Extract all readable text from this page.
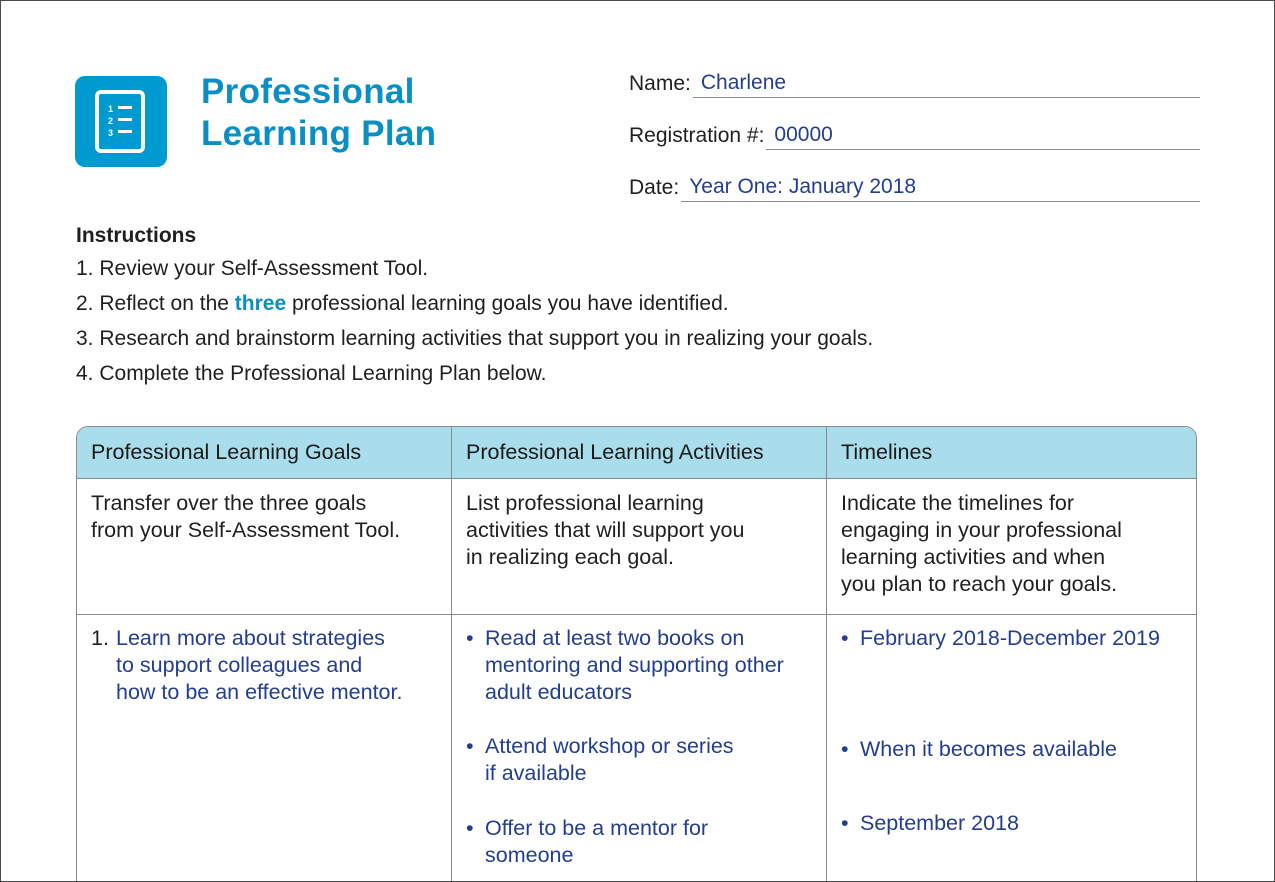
1
2
3
Professional
Learning Plan
Name: Charlene
Registration #: 00000
Date: Year One: January 2018
Instructions
1. Review your Self-Assessment Tool.
2. Reflect on the three professional learning goals you have identified.
3. Research and brainstorm learning activities that support you in realizing your goals.
4. Complete the Professional Learning Plan below.
Professional Learning Goals	Professional Learning Activities	Timelines
Transfer over the three goals
from your Self-Assessment Tool.
List professional learning
activities that will support you
in realizing each goal.
Indicate the timelines for
engaging in your professional
learning activities and when
you plan to reach your goals.
1. Learn more about strategies
to support colleagues and
how to be an effective mentor.
• Read at least two books on
mentoring and supporting other
adult educators
• Attend workshop or series
if available
• Offer to be a mentor for
someone
• February 2018-December 2019
• When it becomes available
• September 2018
